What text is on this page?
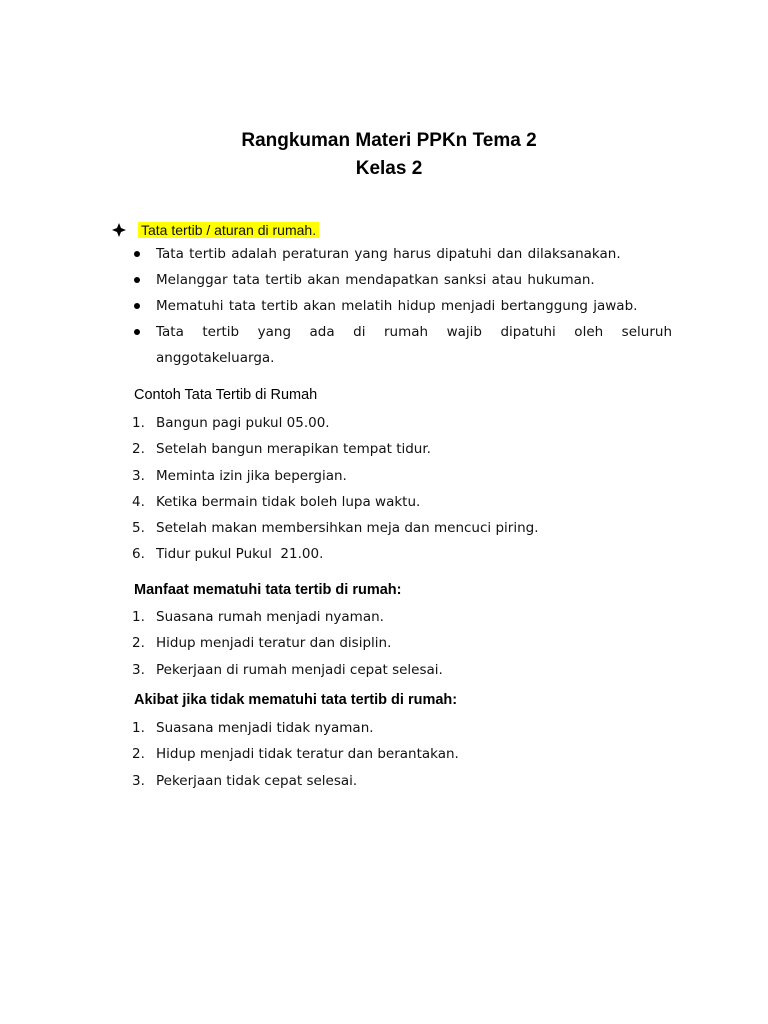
Rangkuman Materi PPKn Tema 2
Kelas 2
Tata tertib / aturan di rumah.
Tata tertib adalah peraturan yang harus dipatuhi dan dilaksanakan.
Melanggar tata tertib akan mendapatkan sanksi atau hukuman.
Mematuhi tata tertib akan melatih hidup menjadi bertanggung jawab.
Tata tertib yang ada di rumah wajib dipatuhi oleh seluruh
anggotakeluarga.
Contoh Tata Tertib di Rumah
1. Bangun pagi pukul 05.00.
2. Setelah bangun merapikan tempat tidur.
3. Meminta izin jika bepergian.
4. Ketika bermain tidak boleh lupa waktu.
5. Setelah makan membersihkan meja dan mencuci piring.
6. Tidur pukul Pukul  21.00.
Manfaat mematuhi tata tertib di rumah:
1. Suasana rumah menjadi nyaman.
2. Hidup menjadi teratur dan disiplin.
3. Pekerjaan di rumah menjadi cepat selesai.
Akibat jika tidak mematuhi tata tertib di rumah:
1. Suasana menjadi tidak nyaman.
2. Hidup menjadi tidak teratur dan berantakan.
3. Pekerjaan tidak cepat selesai.
